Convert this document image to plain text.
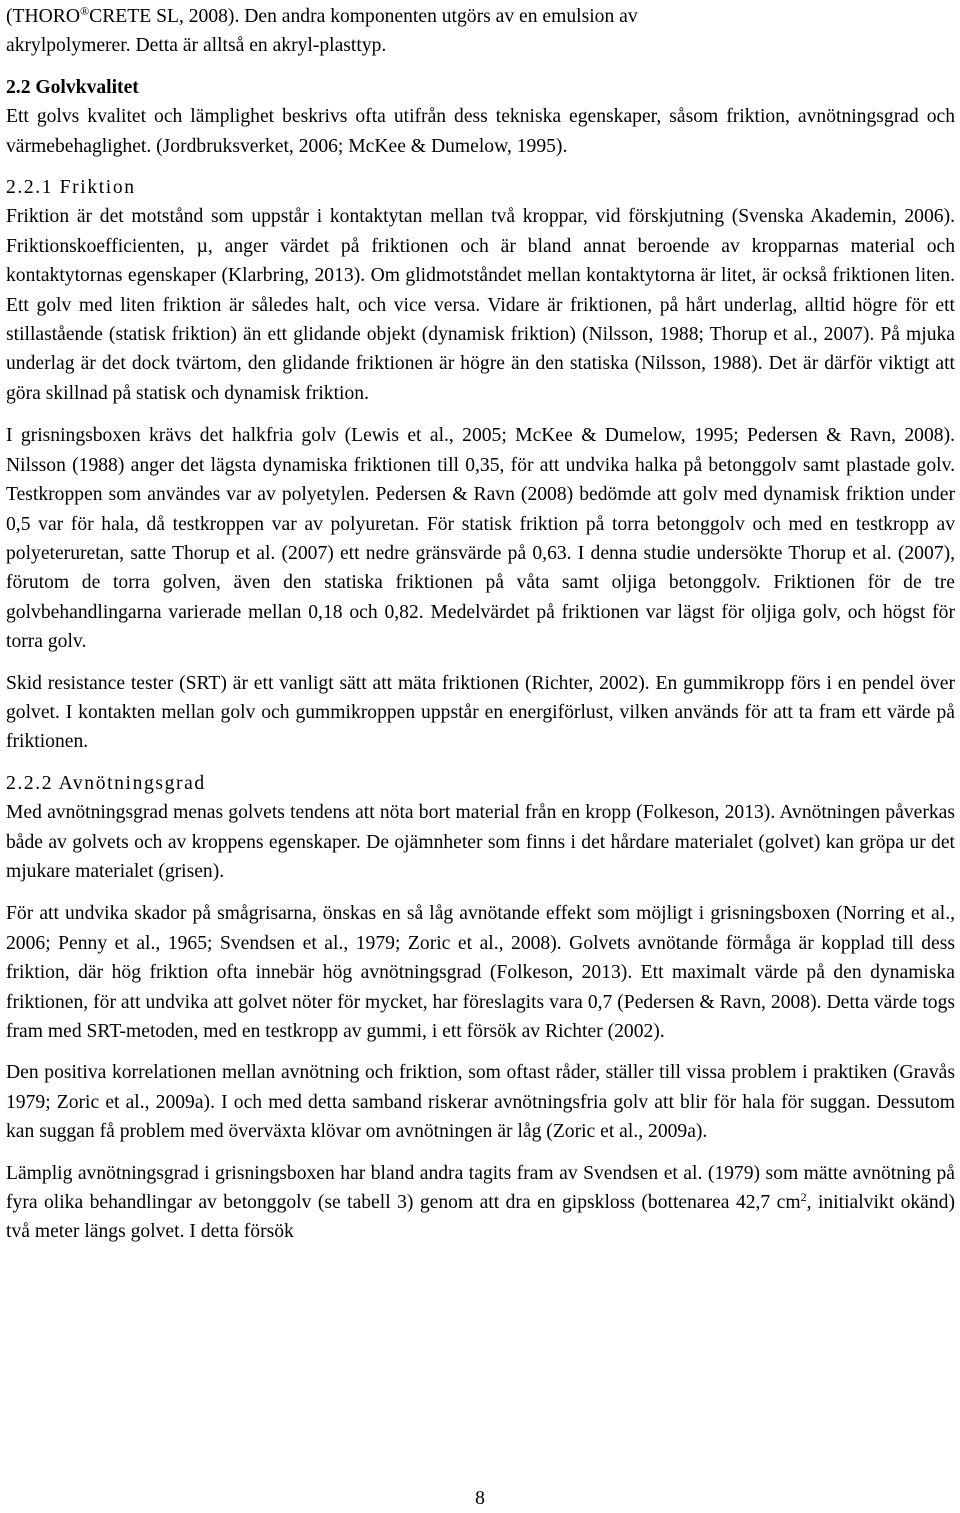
(THORO®CRETE SL, 2008). Den andra komponenten utgörs av en emulsion av
akrylpolymerer. Detta är alltså en akryl-plasttyp.

2.2 Golvkvalitet

Ett golvs kvalitet och lämplighet beskrivs ofta utifrån dess tekniska egenskaper, såsom friktion, avnötningsgrad och värmebehaglighet. (Jordbruksverket, 2006; McKee & Dumelow, 1995).

2.2.1 Friktion

Friktion är det motstånd som uppstår i kontaktytan mellan två kroppar, vid förskjutning (Svenska Akademin, 2006). Friktionskoefficienten, µ, anger värdet på friktionen och är bland annat beroende av kropparnas material och kontaktytornas egenskaper (Klarbring, 2013). Om glidmotståndet mellan kontaktytorna är litet, är också friktionen liten. Ett golv med liten friktion är således halt, och vice versa. Vidare är friktionen, på hårt underlag, alltid högre för ett stillastående (statisk friktion) än ett glidande objekt (dynamisk friktion) (Nilsson, 1988; Thorup et al., 2007). På mjuka underlag är det dock tvärtom, den glidande friktionen är högre än den statiska (Nilsson, 1988). Det är därför viktigt att göra skillnad på statisk och dynamisk friktion.

I grisningsboxen krävs det halkfria golv (Lewis et al., 2005; McKee & Dumelow, 1995; Pedersen & Ravn, 2008). Nilsson (1988) anger det lägsta dynamiska friktionen till 0,35, för att undvika halka på betonggolv samt plastade golv. Testkroppen som användes var av polyetylen. Pedersen & Ravn (2008) bedömde att golv med dynamisk friktion under 0,5 var för hala, då testkroppen var av polyuretan. För statisk friktion på torra betonggolv och med en testkropp av polyeteruretan, satte Thorup et al. (2007) ett nedre gränsvärde på 0,63. I denna studie undersökte Thorup et al. (2007), förutom de torra golven, även den statiska friktionen på våta samt oljiga betonggolv. Friktionen för de tre golvbehandlingarna varierade mellan 0,18 och 0,82. Medelvärdet på friktionen var lägst för oljiga golv, och högst för torra golv.

Skid resistance tester (SRT) är ett vanligt sätt att mäta friktionen (Richter, 2002). En gummikropp förs i en pendel över golvet. I kontakten mellan golv och gummikroppen uppstår en energiförlust, vilken används för att ta fram ett värde på friktionen.

2.2.2 Avnötningsgrad

Med avnötningsgrad menas golvets tendens att nöta bort material från en kropp (Folkeson, 2013). Avnötningen påverkas både av golvets och av kroppens egenskaper. De ojämnheter som finns i det hårdare materialet (golvet) kan gröpa ur det mjukare materialet (grisen).

För att undvika skador på smågrisarna, önskas en så låg avnötande effekt som möjligt i grisningsboxen (Norring et al., 2006; Penny et al., 1965; Svendsen et al., 1979; Zoric et al., 2008). Golvets avnötande förmåga är kopplad till dess friktion, där hög friktion ofta innebär hög avnötningsgrad (Folkeson, 2013). Ett maximalt värde på den dynamiska friktionen, för att undvika att golvet nöter för mycket, har föreslagits vara 0,7 (Pedersen & Ravn, 2008). Detta värde togs fram med SRT-metoden, med en testkropp av gummi, i ett försök av Richter (2002).

Den positiva korrelationen mellan avnötning och friktion, som oftast råder, ställer till vissa problem i praktiken (Gravås 1979; Zoric et al., 2009a). I och med detta samband riskerar avnötningsfria golv att blir för hala för suggan. Dessutom kan suggan få problem med överväxta klövar om avnötningen är låg (Zoric et al., 2009a).

Lämplig avnötningsgrad i grisningsboxen har bland andra tagits fram av Svendsen et al. (1979) som mätte avnötning på fyra olika behandlingar av betonggolv (se tabell 3) genom att dra en gipskloss (bottenarea 42,7 $cm^2$, initialvikt okänd) två meter längs golvet. I detta försök

8
